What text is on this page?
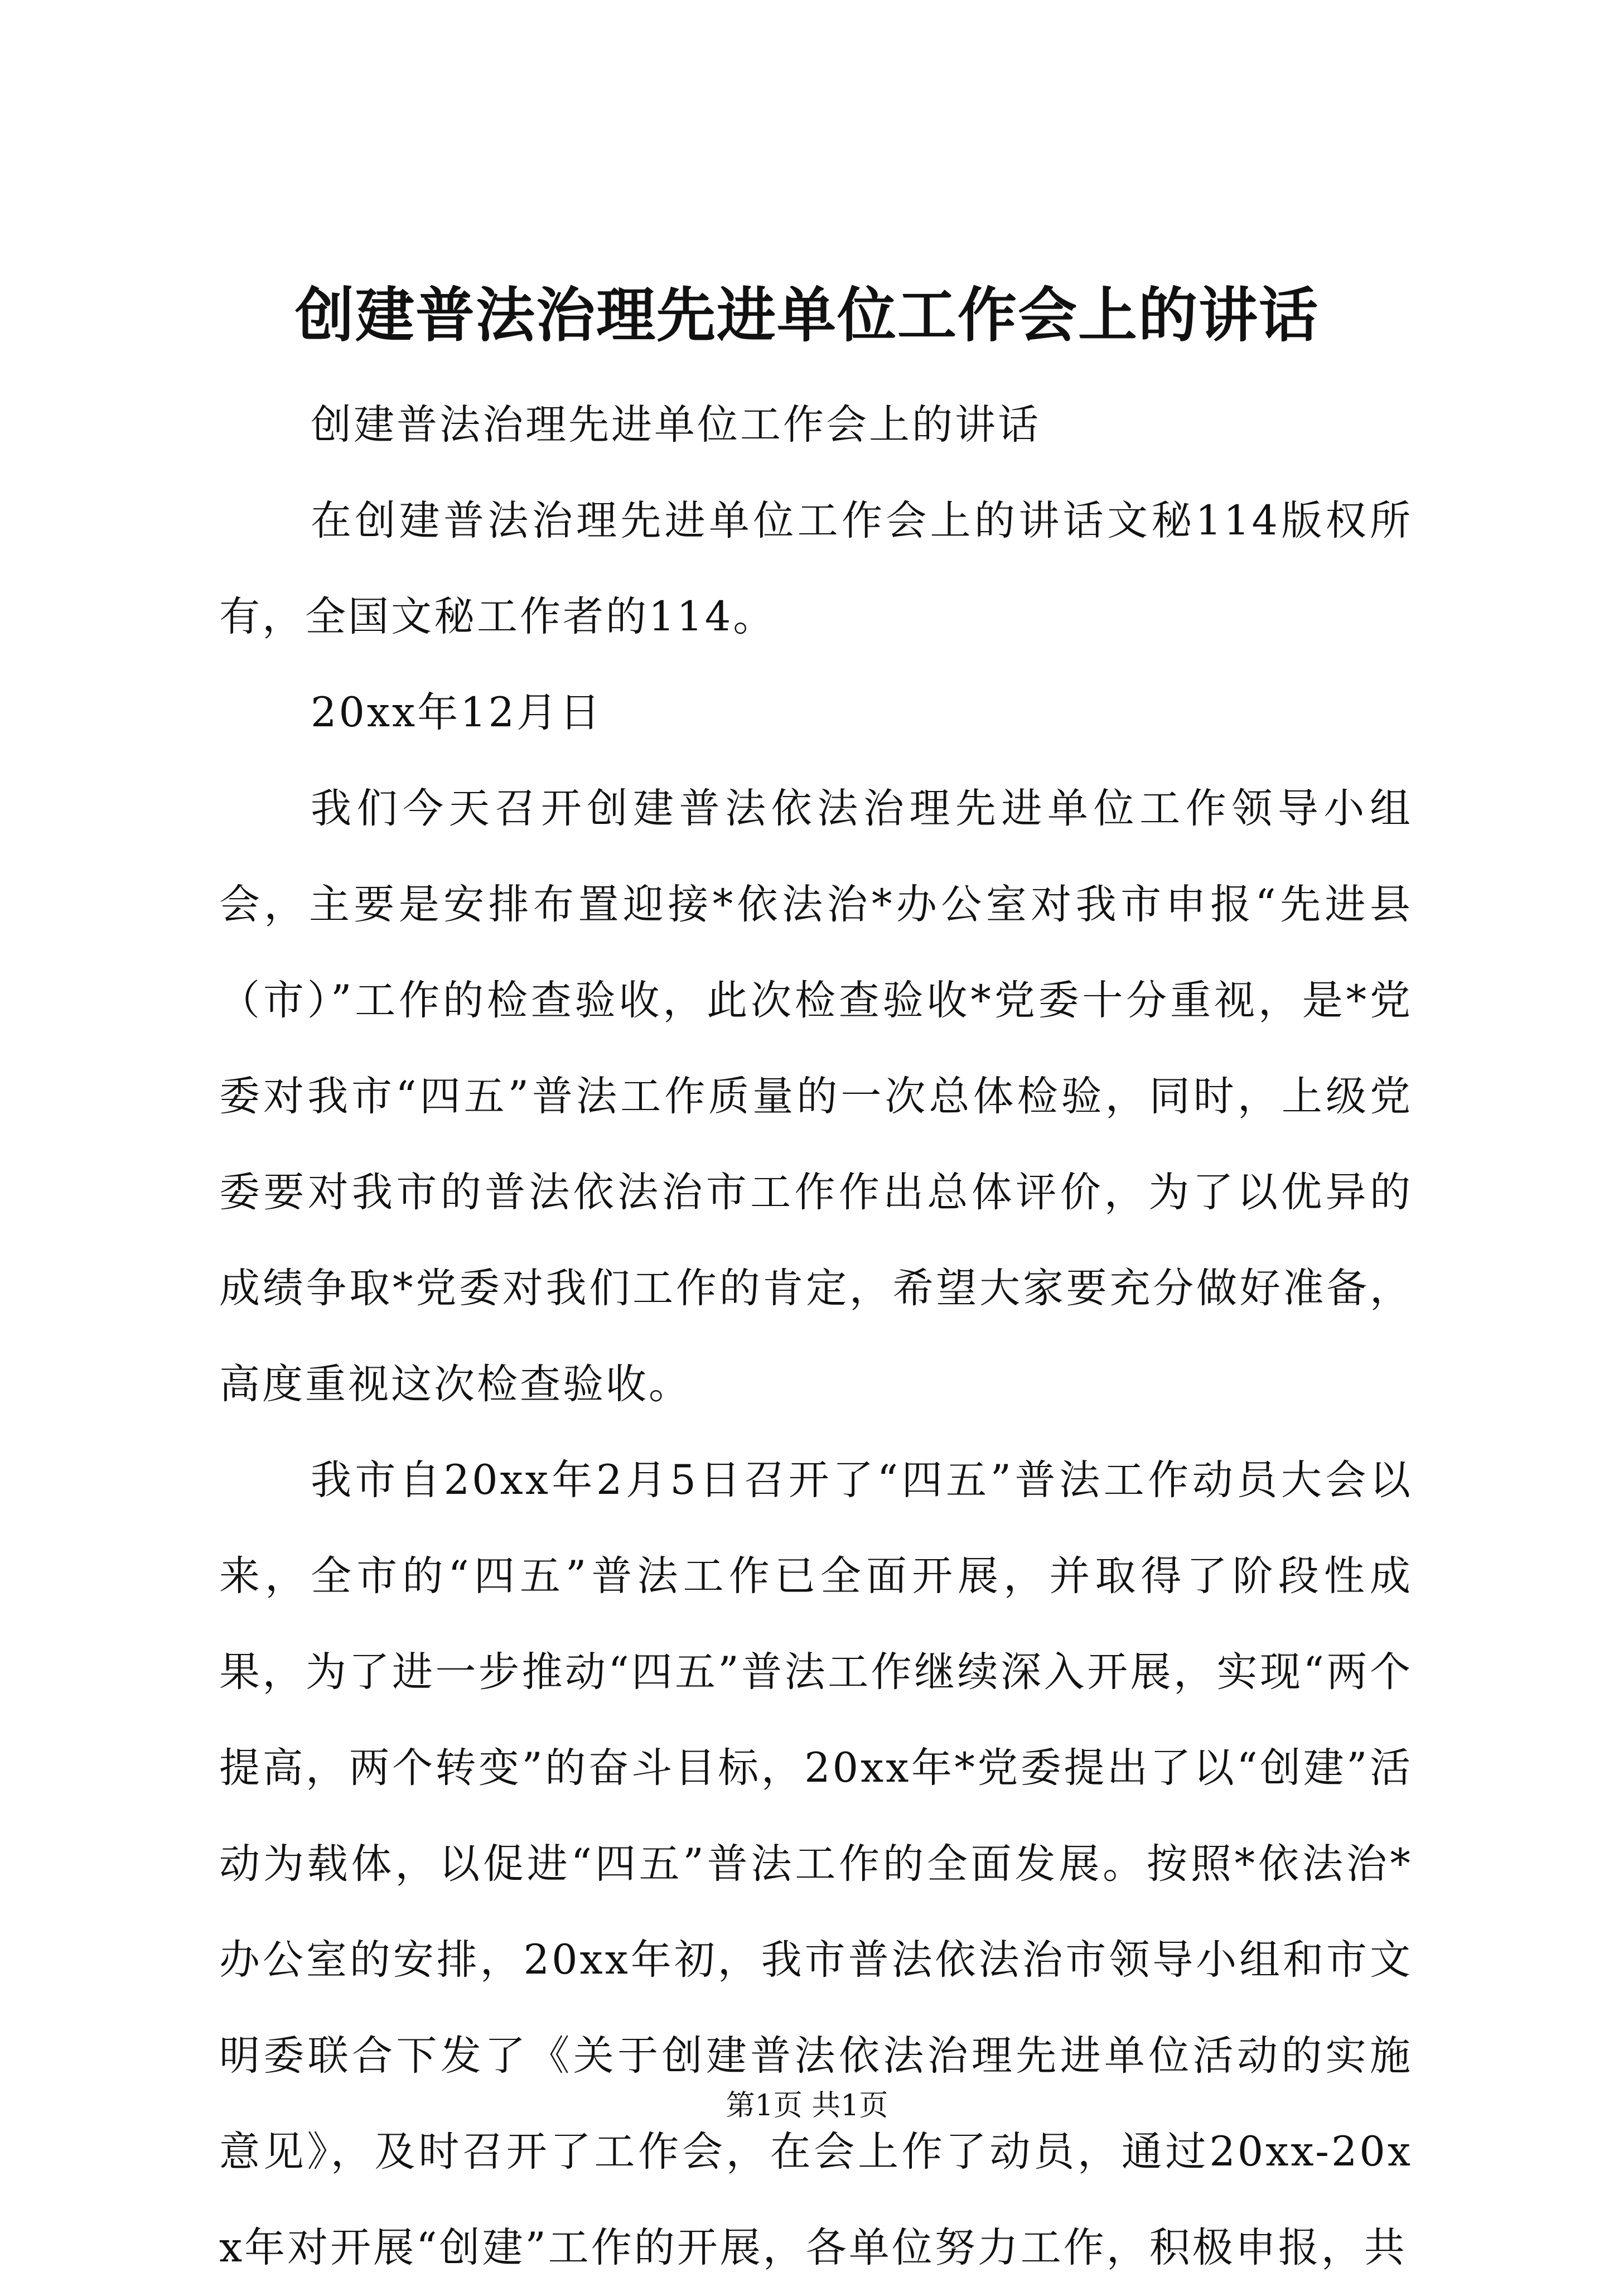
创建普法治理先进单位工作会上的讲话

创建普法治理先进单位工作会上的讲话

在创建普法治理先进单位工作会上的讲话文秘114版权所有，全国文秘工作者的114。

20xx年12月日

我们今天召开创建普法依法治理先进单位工作领导小组会，主要是安排布置迎接*依法治*办公室对我市申报“先进县（市）”工作的检查验收，此次检查验收*党委十分重视，是*党委对我市“四五”普法工作质量的一次总体检验，同时，上级党委要对我市的普法依法治市工作作出总体评价，为了以优异的成绩争取*党委对我们工作的肯定，希望大家要充分做好准备，高度重视这次检查验收。

我市自20xx年2月5日召开了“四五”普法工作动员大会以来，全市的“四五”普法工作已全面开展，并取得了阶段性成果，为了进一步推动“四五”普法工作继续深入开展，实现“两个提高，两个转变”的奋斗目标，20xx年*党委提出了以“创建”活动为载体，以促进“四五”普法工作的全面发展。按照*依法治*办公室的安排，20xx年初，我市普法依法治市领导小组和市文明委联合下发了《关于创建普法依法治理先进单位活动的实施意见》，及时召开了工作会，在会上作了动员，通过20xx-20xx年对开展“创建”工作的开展，各单位努力工作，积极申报，共

第1页 共1页
